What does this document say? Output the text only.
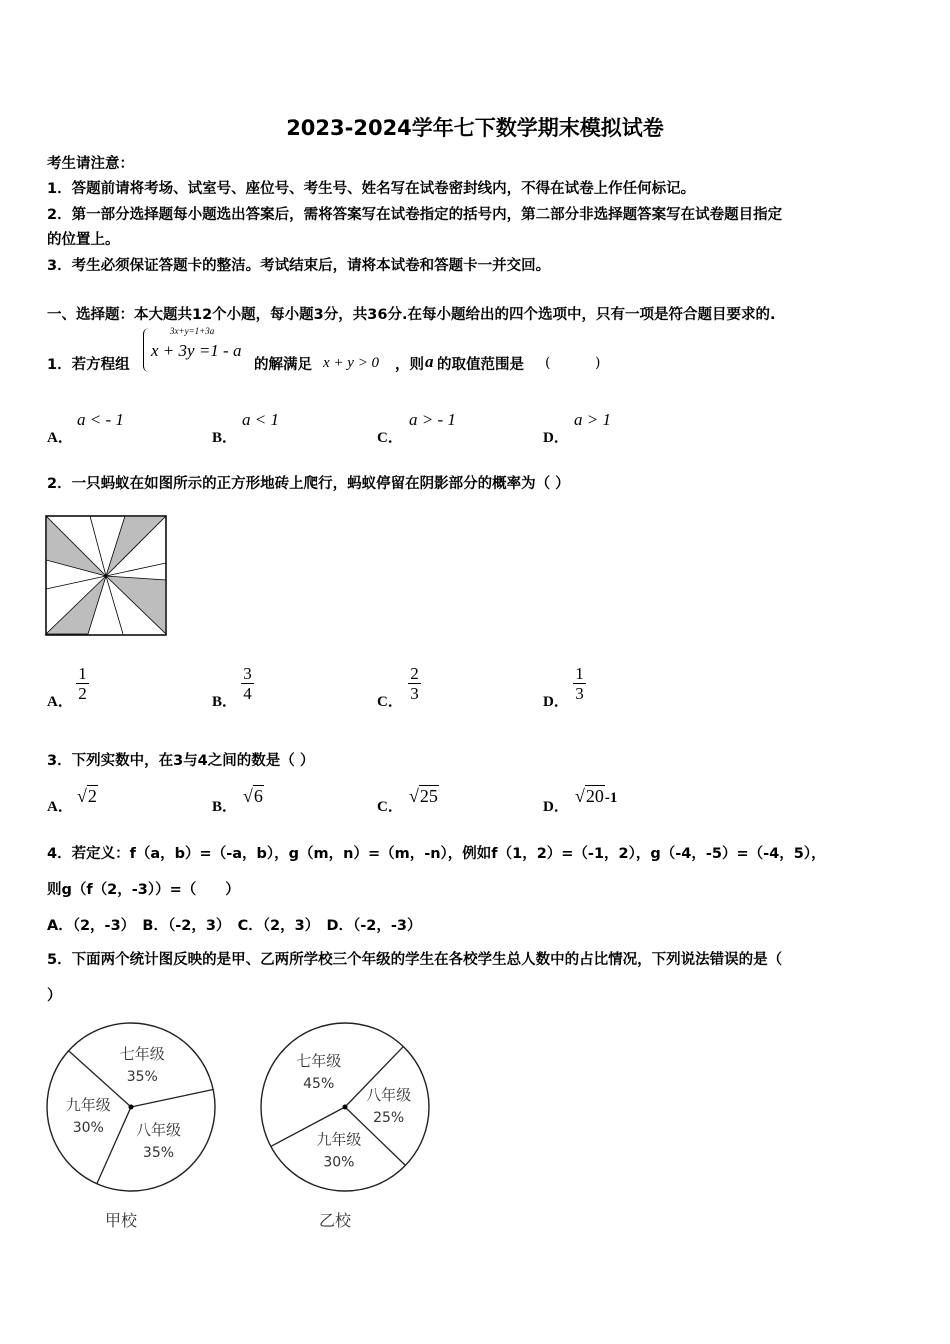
2023-2024学年七下数学期末模拟试卷
考生请注意：
1．答题前请将考场、试室号、座位号、考生号、姓名写在试卷密封线内，不得在试卷上作任何标记。
2．第一部分选择题每小题选出答案后，需将答案写在试卷指定的括号内，第二部分非选择题答案写在试卷题目指定
的位置上。
3．考生必须保证答题卡的整洁。考试结束后，请将本试卷和答题卡一并交回。
一、选择题：本大题共12个小题，每小题3分，共36分.在每小题给出的四个选项中，只有一项是符合题目要求的.
1．若方程组
3x+y=1+3a
x + 3y =1 - a
的解满足 x + y > 0 ，则 a 的取值范围是 (          )
A．
a < - 1
B．
a < 1
C．
a > - 1
D．
a > 1
2．一只蚂蚁在如图所示的正方形地砖上爬行，蚂蚁停留在阴影部分的概率为（ ）
A．
1
2	B．
3
4	C．
2
3	D．
1
3
3．下列实数中，在3与4之间的数是（ ）
A．
√2
B．
√6
C．
√25
D．
√20-1
4．若定义：f（a，b）=（-a，b），g（m，n）=（m，-n），例如f（1，2）=（-1，2），g（-4，-5）=（-4，5），
则g（f（2，-3））=（　　）
A．（2，-3）　B．（-2，3）　C．（2，3）　D．（-2，-3）
5．下面两个统计图反映的是甲、乙两所学校三个年级的学生在各校学生总人数中的占比情况，下列说法错误的是（
）
七年级
35%
八年级
35%
九年级
30%
甲校
七年级
45%
八年级
25%
九年级
30%
乙校
